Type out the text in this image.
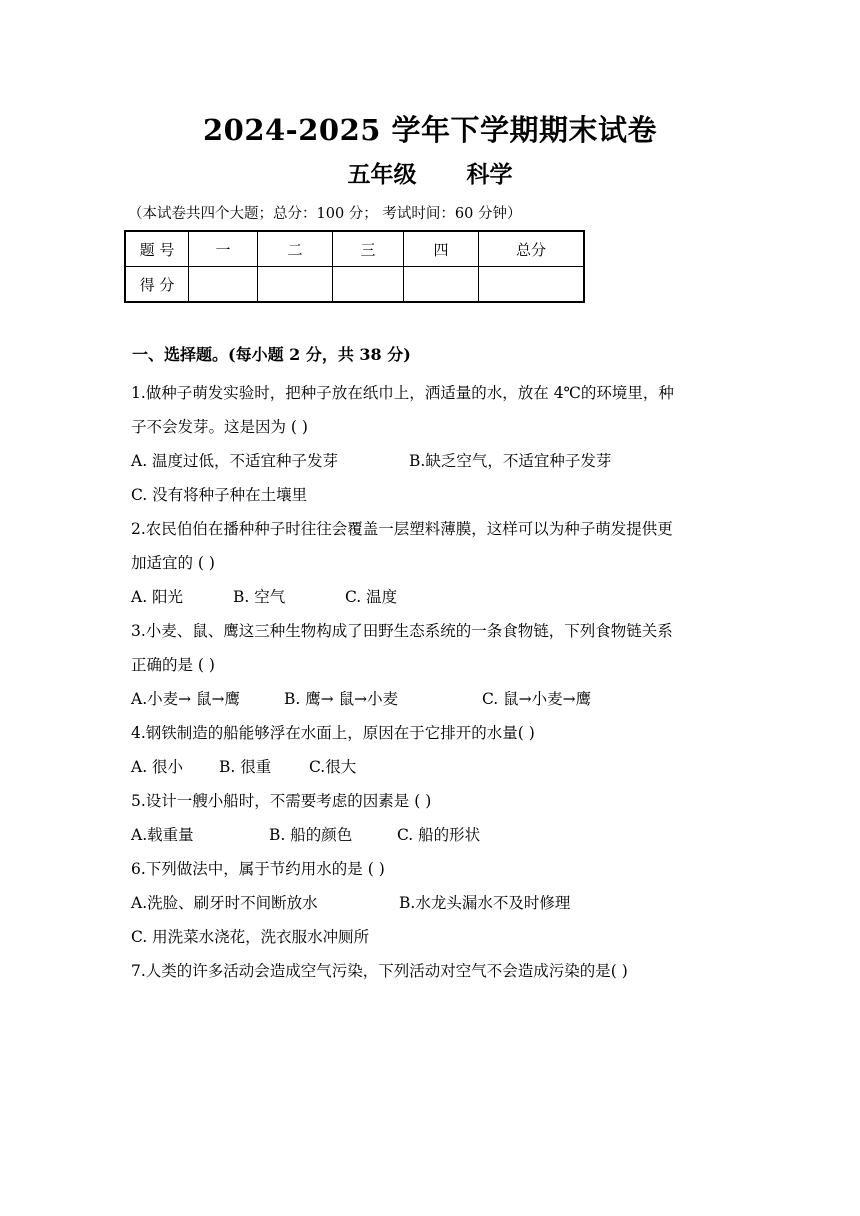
2024-2025 学年下学期期末试卷
五年级 科学
（本试卷共四个大题；总分：100 分； 考试时间：60 分钟）
题 号	一	二	三	四	总分
得 分					
一、选择题。(每小题 2 分，共 38 分)
1.做种子萌发实验时，把种子放在纸巾上，洒适量的水，放在 4℃的环境里，种
子不会发芽。这是因为 ( )
A. 温度过低，不适宜种子发芽	B.缺乏空气，不适宜种子发芽
C. 没有将种子种在土壤里
2.农民伯伯在播种种子时往往会覆盖一层塑料薄膜，这样可以为种子萌发提供更
加适宜的 ( )
A. 阳光	B. 空气	C. 温度
3.小麦、鼠、鹰这三种生物构成了田野生态系统的一条食物链，下列食物链关系
正确的是 ( )
A.小麦→ 鼠→鹰	B. 鹰→ 鼠→小麦	C. 鼠→小麦→鹰
4.钢铁制造的船能够浮在水面上，原因在于它排开的水量( )
A. 很小 B. 很重 C.很大
5.设计一艘小船时，不需要考虑的因素是 ( )
A.载重量	B. 船的颜色	C. 船的形状
6.下列做法中，属于节约用水的是 ( )
A.洗脸、刷牙时不间断放水	B.水龙头漏水不及时修理
C. 用洗菜水浇花，洗衣服水冲厕所
7.人类的许多活动会造成空气污染，下列活动对空气不会造成污染的是( )
